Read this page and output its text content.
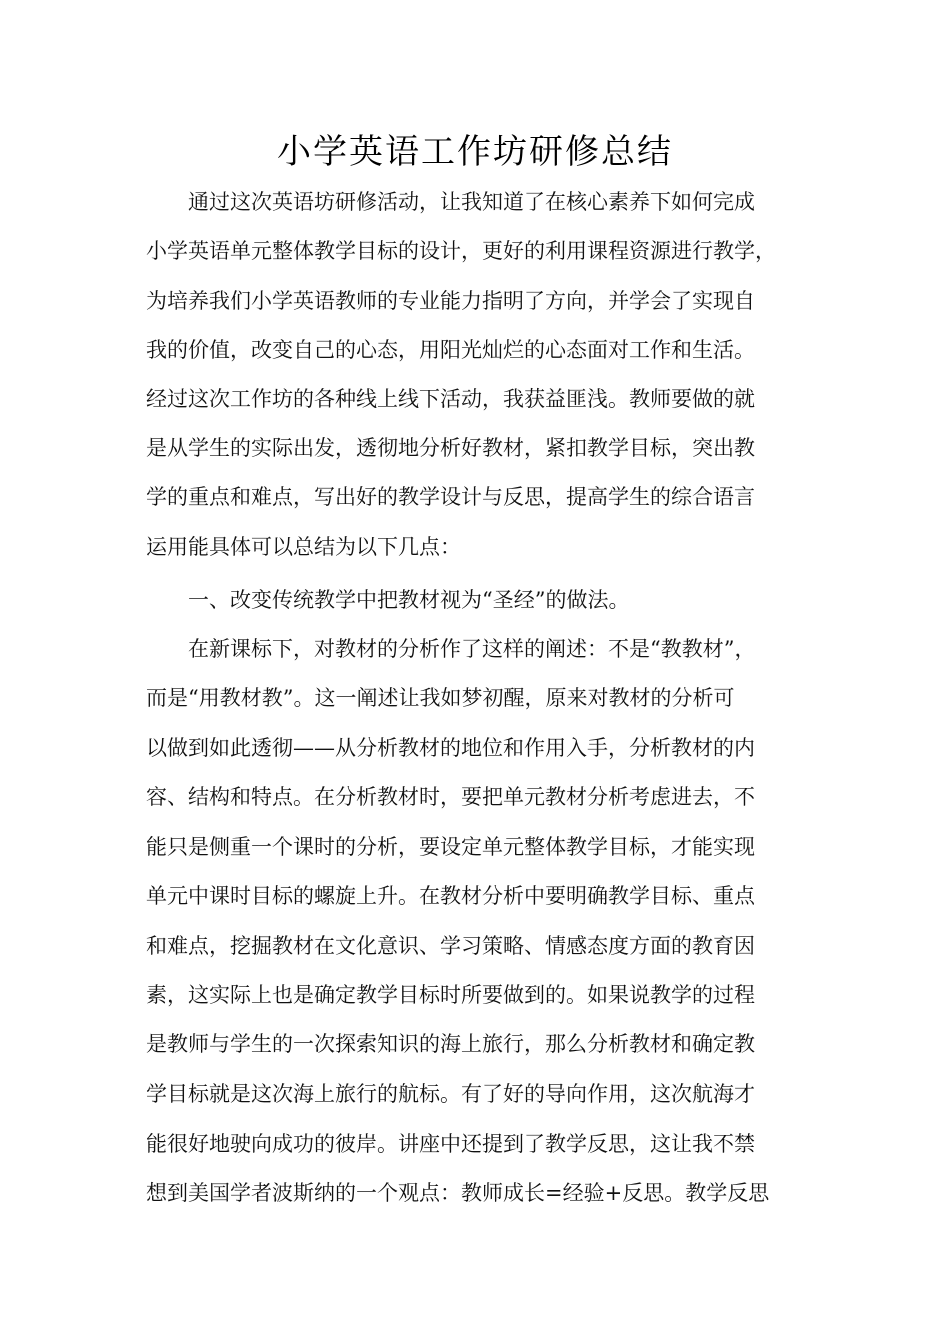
小学英语工作坊研修总结
通过这次英语坊研修活动，让我知道了在核心素养下如何完成
小学英语单元整体教学目标的设计，更好的利用课程资源进行教学，
为培养我们小学英语教师的专业能力指明了方向，并学会了实现自
我的价值，改变自己的心态，用阳光灿烂的心态面对工作和生活。
经过这次工作坊的各种线上线下活动，我获益匪浅。教师要做的就
是从学生的实际出发，透彻地分析好教材，紧扣教学目标，突出教
学的重点和难点，写出好的教学设计与反思，提高学生的综合语言
运用能具体可以总结为以下几点：
一、改变传统教学中把教材视为“圣经”的做法。
在新课标下，对教材的分析作了这样的阐述：不是“教教材”，
而是“用教材教”。这一阐述让我如梦初醒，原来对教材的分析可
以做到如此透彻——从分析教材的地位和作用入手，分析教材的内
容、结构和特点。在分析教材时，要把单元教材分析考虑进去，不
能只是侧重一个课时的分析，要设定单元整体教学目标，才能实现
单元中课时目标的螺旋上升。在教材分析中要明确教学目标、重点
和难点，挖掘教材在文化意识、学习策略、情感态度方面的教育因
素，这实际上也是确定教学目标时所要做到的。如果说教学的过程
是教师与学生的一次探索知识的海上旅行，那么分析教材和确定教
学目标就是这次海上旅行的航标。有了好的导向作用，这次航海才
能很好地驶向成功的彼岸。讲座中还提到了教学反思，这让我不禁
想到美国学者波斯纳的一个观点：教师成长=经验+反思。教学反思
